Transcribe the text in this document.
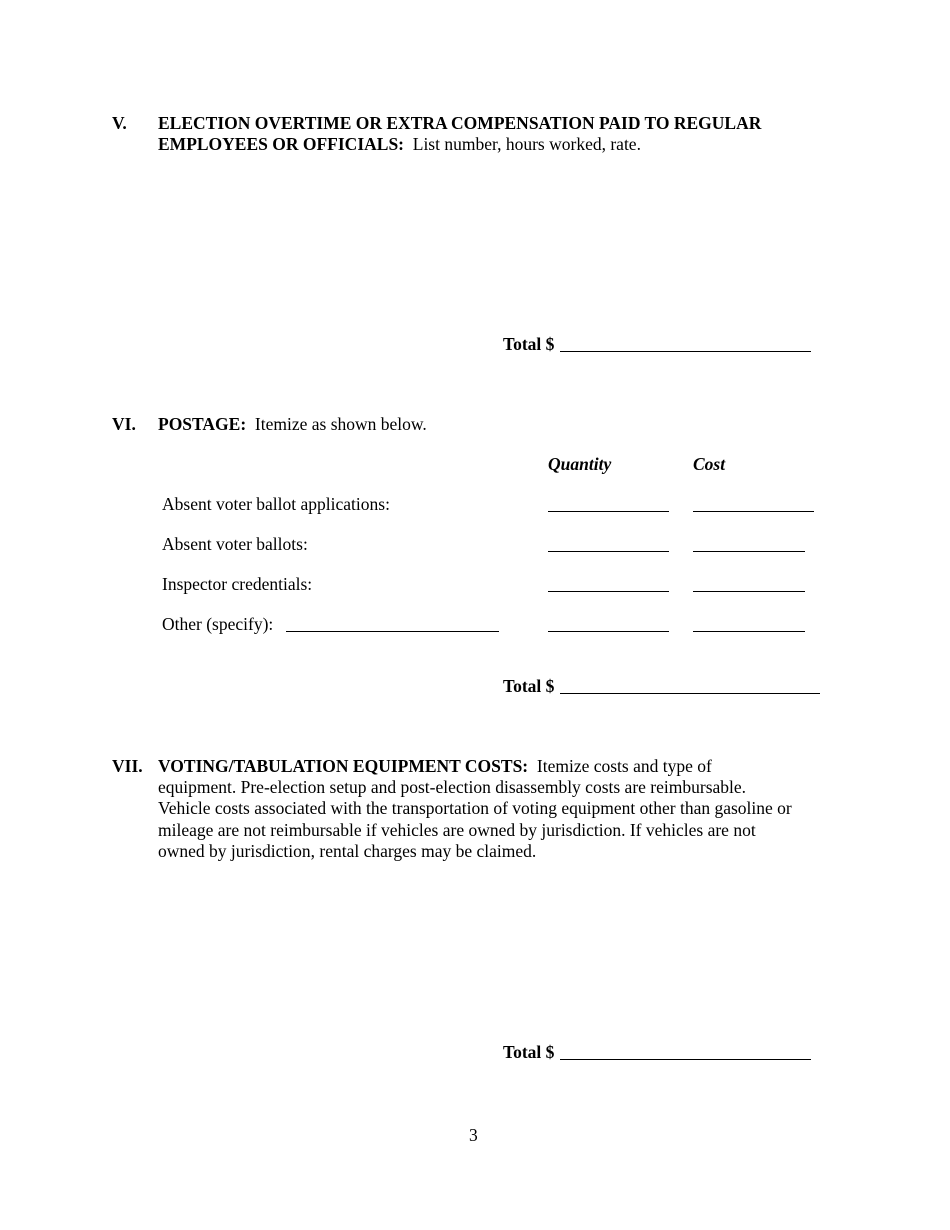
V. ELECTION OVERTIME OR EXTRA COMPENSATION PAID TO REGULAR
EMPLOYEES OR OFFICIALS: List number, hours worked, rate.
Total $
VI. POSTAGE: Itemize as shown below.
Quantity	Cost
Absent voter ballot applications:
Absent voter ballots:
Inspector credentials:
Other (specify):
Total $
VII. VOTING/TABULATION EQUIPMENT COSTS: Itemize costs and type of
equipment. Pre-election setup and post-election disassembly costs are reimbursable.
Vehicle costs associated with the transportation of voting equipment other than gasoline or
mileage are not reimbursable if vehicles are owned by jurisdiction. If vehicles are not
owned by jurisdiction, rental charges may be claimed.
Total $
3
